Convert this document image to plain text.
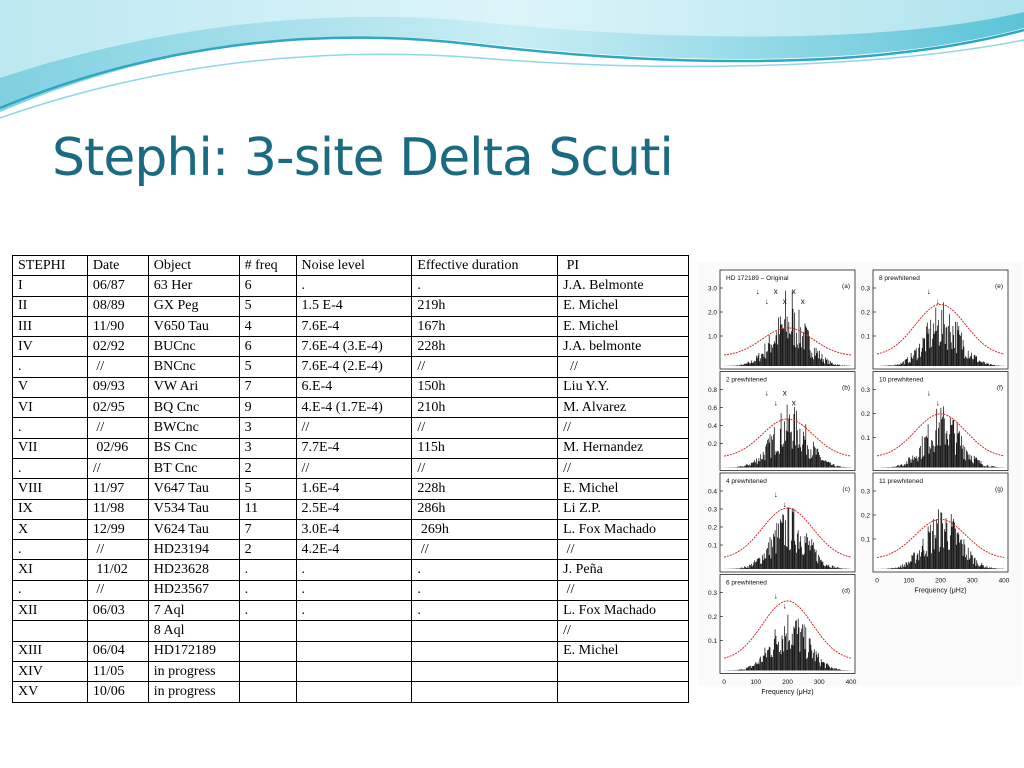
Stephi: 3-site Delta Scuti
STEPHI	Date	Object	# freq	Noise level	Effective duration	PI
I	06/87	63 Her	6	.	.	J.A. Belmonte
II	08/89	GX Peg	5	1.5 E-4	219h	E. Michel
III	11/90	V650 Tau	4	7.6E-4	167h	E. Michel
IV	02/92	BUCnc	6	7.6E-4 (3.E-4)	228h	J.A. belmonte
.	//	BNCnc	5	7.6E-4 (2.E-4)	//	//
V	09/93	VW Ari	7	6.E-4	150h	Liu Y.Y.
VI	02/95	BQ Cnc	9	4.E-4 (1.7E-4)	210h	M. Alvarez
.	//	BWCnc	3	//	//	//
VII	02/96	BS Cnc	3	7.7E-4	115h	M. Hernandez
.	//	BT Cnc	2	//	//	//
VIII	11/97	V647 Tau	5	1.6E-4	228h	E. Michel
IX	11/98	V534 Tau	11	2.5E-4	286h	Li Z.P.
X	12/99	V624 Tau	7	3.0E-4	269h	L. Fox Machado
.	//	HD23194	2	4.2E-4	//	//
XI	11/02	HD23628	.	.	.	J. Peña
.	//	HD23567	.	.	.	//
XII	06/03	7 Aql	.	.	.	L. Fox Machado
		8 Aql				//
XIII	06/04	HD172189				E. Michel
XIV	11/05	in progress				
XV	10/06	in progress				
3.0
2.0
1.0
HD 172189 – Original
(a)
↓
↓
x
x
x
x
0.8
0.6
0.4
0.2
2 prewhitened
(b)
↓
↓
x
x
0.4
0.3
0.2
0.1
4 prewhitened
(c)
↓
↓
0.3
0.2
0.1
6 prewhitened
(d)
↓
↓
0.3
0.2
0.1
8 prewhitened
(e)
↓
↓
0.3
0.2
0.1
10 prewhitened
(f)
↓
↓
0.3
0.2
0.1
11 prewhitened
(g)
0	100	200	300	400
Frequency (μHz)
0	100	200	300	400
Frequency (μHz)
